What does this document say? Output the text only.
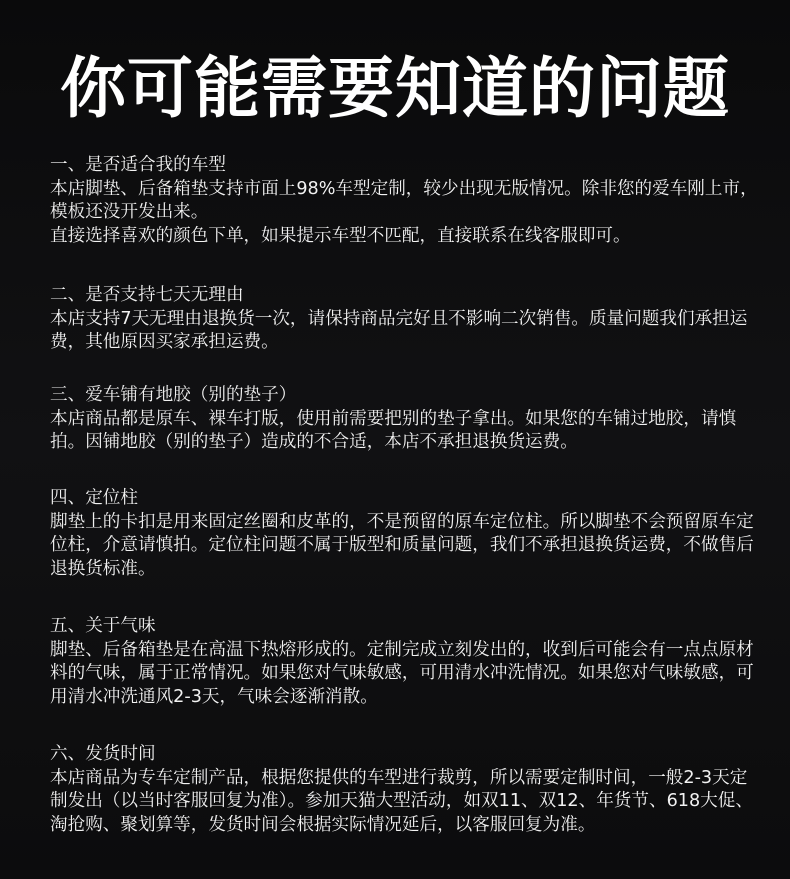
你可能需要知道的问题
一、是否适合我的车型

本店脚垫、后备箱垫支持市面上98%车型定制，较少出现无版情况。除非您的爱车刚上市，模板还没开发出来。

直接选择喜欢的颜色下单，如果提示车型不匹配，直接联系在线客服即可。

二、是否支持七天无理由

本店支持7天无理由退换货一次，请保持商品完好且不影响二次销售。质量问题我们承担运费，其他原因买家承担运费。

三、爱车铺有地胶（别的垫子）

本店商品都是原车、裸车打版，使用前需要把别的垫子拿出。如果您的车铺过地胶，请慎拍。因铺地胶（别的垫子）造成的不合适，本店不承担退换货运费。

四、定位柱

脚垫上的卡扣是用来固定丝圈和皮革的，不是预留的原车定位柱。所以脚垫不会预留原车定位柱，介意请慎拍。定位柱问题不属于版型和质量问题，我们不承担退换货运费，不做售后退换货标准。

五、关于气味

脚垫、后备箱垫是在高温下热熔形成的。定制完成立刻发出的，收到后可能会有一点点原材料的气味，属于正常情况。如果您对气味敏感，可用清水冲洗情况。如果您对气味敏感，可用清水冲洗通风2-3天，气味会逐渐消散。

六、发货时间

本店商品为专车定制产品，根据您提供的车型进行裁剪，所以需要定制时间，一般2-3天定制发出（以当时客服回复为准）。参加天猫大型活动，如双11、双12、年货节、618大促、淘抢购、聚划算等，发货时间会根据实际情况延后，以客服回复为准。
